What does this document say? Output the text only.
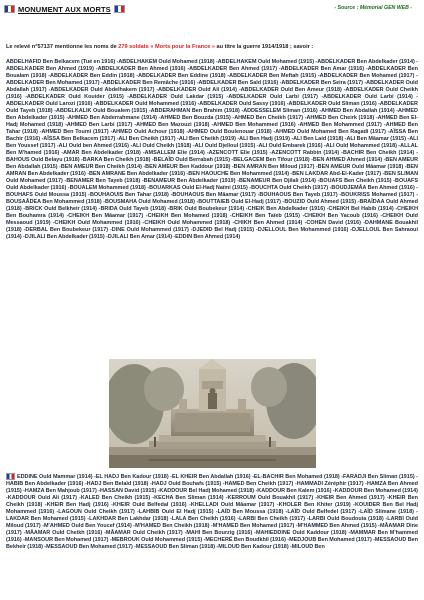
MONUMENT AUX MORTS	- Source : Mémorial GEN WEB -
Le relevé n°57137 mentionne les noms de 279 soldats « Morts pour la France » au titre la guerre 1914/1918 ; savoir :
ABDELHAFID Ben Belkacem (Tué en 1916) -ABDELHAKEM Ould Mohamed (1918) -ABDELHAKEM Ould Mohamed (1915) -ABDELKADER Ben Abdelkader (1914) -ABDELKADER Ben Ahmed (1919) -ABDELKADER Ben Ahmed (1916) -ABDELKADER Ben Ahmed (1917) -ABDELKADER Ben Amar (1916) -ABDELKADER Ben Boualam (1918) -ABDELKADER Ben Eddin (1918) -ABDELKADER Ben Eddine (1918) -ABDELKADER Ben Meftah (1915) -ABDELKADER Ben Mohamed (1917) -ABDELKADER Ben Mohamed (1917) -ABDELKADER Ben Remâche (1916) -ABDELKADER Ben Saïd (1916) -ABDELKADER Ben Seira (1917) -ABDELKADER Ould Abdallah (1917) -ABDELKADER Ould Abdelhakem (1917) -ABDELKADER Ould Ali (1914) -ABDELKADER Ould Ben Ameur (1918) -ABDELKADER Ould Cheikh (1916) -ABDELKADER Ould Kouider (1915) -ABDELKADER Ould Lakdar (1915) -ABDELKADER Ould Larbi (1917) -ABDELKADER Ould Larbi (1914) -ABDELKADER Ould Larozi (1916) -ABDELKADER Ould Mohammed (1916) -ABDELKADER Ould Sassy (1916) -ABDELKADER Ould Sliman (1916) -ABDELKADER Ould Tayeb (1918) -ABDELKALIK Ould Boualem (1915) -ABDERAHMAN Ben Brahim (1918) -ADDESSELEM Sliman (1916) -AHMED Ben Abdallah (1914) -AHMED Ben Abdelkader (1915) -AHMED Ben Abderrahmane (1914) -AHMED Ben Bouzda (1915) -AHMED Ben Cheikh (1917) -AHMED Ben Cheirk (1918) -AHMED Ben El-Hadj Mohamed (1918) -AHMED Ben Larbi (1917) -AHMED Ben Mazouzi (1918) -AHMED Ben Mohammed (1916) -AHMED Ben Mohammed (1917) -AHMED Ben Tahar (1918) -AHMED Ben Toumi (1917) -AHMED Ould Achour (1918) -AHMED Ould Boulenouar (1918) -AHMED Ould Mohamed Ben Ragadi (1917) -AÏSSA Ben Bachir (1916) -AÏSSA Ben Belkacem (1917) -ALI Ben Cheikh (1917) -ALI Ben Cheikh (1919) -ALI Ben Hadj (1919) -ALI Ben Laid (1918) -ALI Ben Mâamar (1915) -ALI Ben Youssef (1917) -ALI Ould ben Ahmed (1916) -ALI Ould Cheikh (1918) -ALI Ould Djelloul (1915) -ALI Ould Embarek (1916) -ALI Ould Mohammed (1918) -ALLAL Ben M'hamed (1916) -AMAR Ben Abdelkader (1918) -AMSALLEM Elie (1914) -AZENCOTT Elie (1915) -AZENCOTT Rabbin (1914) -BACHIR Ben Cheikh (1914) -BAHOUS Ould Belayu (1918) -BARKA Ben Cheikh (1918) -BELAÏD Ould Berrabah (1915) -BELGACEM Ben Tifour (1918) -BEN AHMED Ahmed (1914) -BEN AMEUR Ben Abdallah (1915) -BEN AMEUR Ben Cheikh (1914) -BEN AMEUR Ben Kaddour (1918) -BEN AMRAN Ben Miloud (1917) -BEN AMEUR Ould Mâamar (1918) -BEN AMRAN Ben Abdelkader (1916) -BEN AMRANE Ben Abdelkader (1916) -BEN HAOUCHE Ben Mohammed (1914) -BEN LAKDAR Abd-El-Kader (1917) -BEN SLIMAN Ould Mohamed (1917) -BENAMER Ben Tayeb (1918) -BENAMEUR Ben Abdelkader (1919) -BENAMEUR Ben Djilali (1914) -BOUAFS Ben Cheikh (1915) -BOUAFS Ould Abdelkader (1916) -BOUALEM Mohammed (1918) -BOUARKAS Ould El-Hadj Naïmi (1915) -BOUCHTA Ould Cheikh (1917) -BOUDJEMÂA Ben Ahmed (1916) -BOUHAFS Ould Moussa (1915) -BOUHAOUIS Ben Tahar (1918) -BOUHAOUS Ben Mâamar (1917) -BOUHAOUS Ben Tayeb (1917) -BOUKRISS Mohamed (1917) -BOUSAÂDEA Ben Mohammed (1918) -BOUSMAHA Ould Mohamed (1918) -BOUTTAIEB Ould El-Hadj (1917) -BOUZID Ould Ahmed (1915) -BRAÏDAA Ould Ahmed (1918) -BRICK Ould Belkheir (1914) -BRIDA Ould Tayeb (1918) -BRIK Ould Boubekeur (1914) -CHEIK Ben Abdelkader (1916) -CHEIKH Bel Habib (1914) -CHEIKH Ben Bouhamra (1914) -CHEIKH Ben Mâamar (1917) -CHEIKH Ben Mohamed (1918) -CHEIKH Ben Taïeb (1915) -CHEIKH Ben Yacoub (1916) -CHEIKH Ould Messaoud (1919) -CHEIKH Ould Mohammed (1916) -CHEIKH Ould Mohammed (1918) -CHIKH Ben Ahmed (1914) -COHEN David (1916) -DAHMANE Bouakhil (1918) -DERBAL Ben Boubekeur (1917) -DINE Ould Mohammed (1917) -DJEDID Bel Hadj (1915) -DJELLOUL Ben Mohammed (1916) -DJELLOUL Ben Sahraoui (1914) -DJILALI Ben Abdelkader (1915) -DJILALI Ben Amar (1914) -EDDIN Ben Ahmed (1914)
EDDINE Ould Mammar (1914) -EL HADJ Ben Kadour (1918) -EL KHEIR Ben Abdallah (1916) -EL-BACHIR Ben Mohamed (1918) -FARADJI Ben Sliman (1915) -HABIB Ben Abdelkader (1916) -HADJ Ben Belaïd (1918) -HADJ Ould Bouhafs (1915) -HAMED Ben Cheikh (1917) -HAMMADI Zéréphir (1917) -HAMZA Ben Ahmed (1915) -HAMZA Ben Mahjoub (1917) -HASSAN David (1915) -KADDOUR Bel Hadj Mohamed (1918) -KADDOUR Ben Kalem (1916) -KADDOUR Ben Mohamed (1914) -KADDOUR Ould Ali (1917) -KALED Ben Cheikh (1915) -KECHA Ben Sliman (1914) -KERROUM Ould Bouakhil (1917) -KHEIR Ben Ahmed (1917) -KHEIR Ben Cheikh (1918) -KHEIR Ben Hadj (1916) -KHEIR Ould Belfedal (1916) -KHELLADI Ould Mâamar (1917) -KHOLER Ben Khiter (1919) -KOUIDER Ben Bel Hadj Mohammed (1916) -LAGOUN Ould Cheikh (1917) -LAHBIB Ould El Hadj (1915) -LAÏD Ben Moussa (1918) -LAÏD Ould Belfedel (1917) -LAÏD Slimane (1918) -LAKDAR Ben Mohamed (1915) -LAKHDAR Ben Lakhdar (1918) -LALA Ben Cheikh (1916) -LARBI Ben Cheikh (1917) -LARBI Ould Boudouia (1918) -LARBI Ould Miloud (1917) -M'AHMED Ould Ben Youcef (1914) -M'HAMED Ben Cheikh (1918) -M'HAMED Ben Mohamed (1917) -M'HAMMED Ben Ahmed (1915) -MÂAMAR Dine (1917) -MÂAMAR Ould Cheikh (1916) -MÂAMAR Ould Cheikh (1917) -MAHI Ben Bourzig (1916) -MAHIEDDINE Ould Kaddour (1918) -MAMMAR Ben M'hammed (1916) -MANSOUR Ben Mohamed (1917) -MEBROUK Ould Mohammed (1915) -MECHERÉ Ben Boudkhil (1916) -MEDJOUB Ben Mohamed (1917) -MESSAOUD Ben Bekheir (1918) -MESSAOUD Ben Mohamed (1917) -MESSAOUD Ben Sliman (1918) -MILOUD Ben Kadour (1918) -MILOUD Ben
